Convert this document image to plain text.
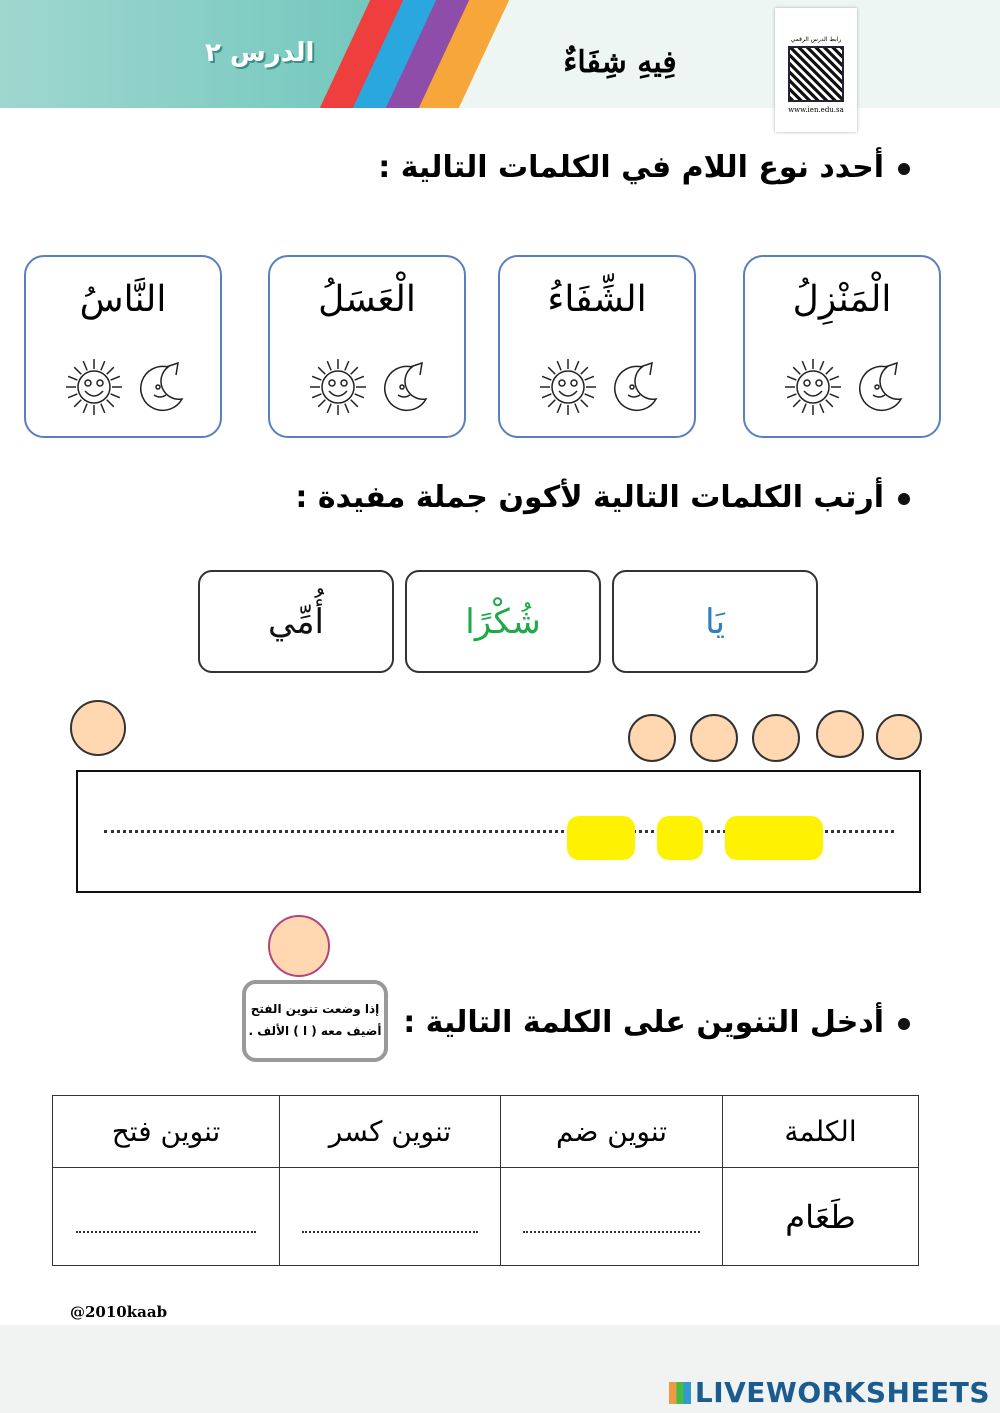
الدرس ٢	فِيهِ شِفَاءٌ
رابط الدرس الرقمي
www.ien.edu.sa
أحدد نوع اللام في الكلمات التالية :
الْمَنْزِلُ
الشِّفَاءُ
الْعَسَلُ
النَّاسُ
أرتب الكلمات التالية لأكون جملة مفيدة :
يَا
شُكْرًا
أُمِّي
إذا وضعت تنوين الفتح
أضيف معه ( ا ) الألف . أدخل التنوين على الكلمة التالية :
الكلمة	تنوين ضم	تنوين كسر	تنوين فتح
طَعَام			
@2010kaab
LIVEWORKSHEETS
